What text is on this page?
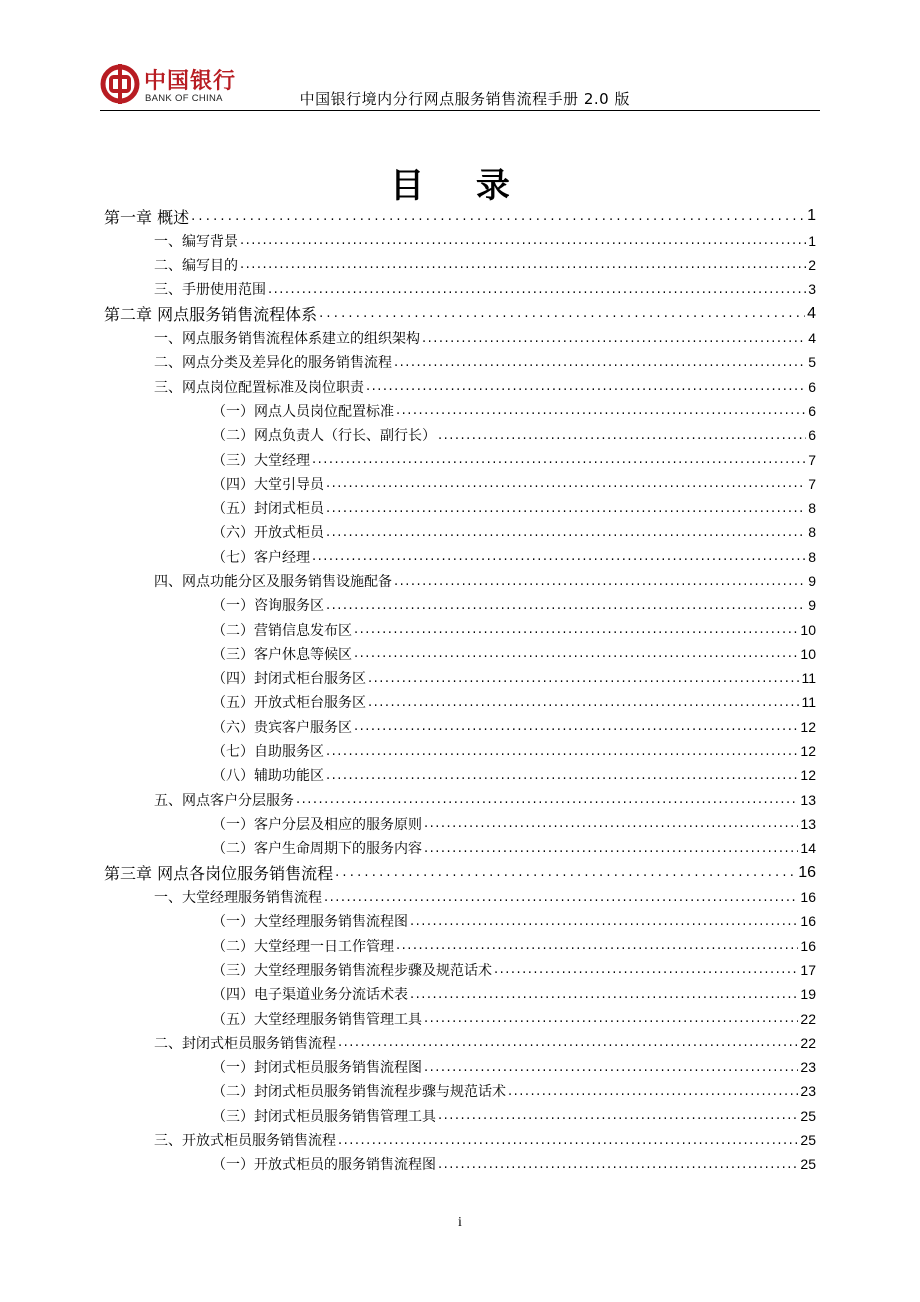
中国银行
BANK OF CHINA	中国银行境内分行网点服务销售流程手册 2.0 版
目 录
第一章 概述 .....	1
一、编写背景 .....	1
二、编写目的 .....	2
三、手册使用范围 .....	3
第二章 网点服务销售流程体系 .....	4
一、网点服务销售流程体系建立的组织架构 .....	4
二、网点分类及差异化的服务销售流程 .....	5
三、网点岗位配置标准及岗位职责 .....	6
（一）网点人员岗位配置标准 .....	6
（二）网点负责人（行长、副行长） .....	6
（三）大堂经理 .....	7
（四）大堂引导员 .....	7
（五）封闭式柜员 .....	8
（六）开放式柜员 .....	8
（七）客户经理 .....	8
四、网点功能分区及服务销售设施配备 .....	9
（一）咨询服务区 .....	9
（二）营销信息发布区 .....	10
（三）客户休息等候区 .....	10
（四）封闭式柜台服务区 .....	11
（五）开放式柜台服务区 .....	11
（六）贵宾客户服务区 .....	12
（七）自助服务区 .....	12
（八）辅助功能区 .....	12
五、网点客户分层服务 .....	13
（一）客户分层及相应的服务原则 .....	13
（二）客户生命周期下的服务内容 .....	14
第三章 网点各岗位服务销售流程 .....	16
一、大堂经理服务销售流程 .....	16
（一）大堂经理服务销售流程图 .....	16
（二）大堂经理一日工作管理 .....	16
（三）大堂经理服务销售流程步骤及规范话术 .....	17
（四）电子渠道业务分流话术表 .....	19
（五）大堂经理服务销售管理工具 .....	22
二、封闭式柜员服务销售流程 .....	22
（一）封闭式柜员服务销售流程图 .....	23
（二）封闭式柜员服务销售流程步骤与规范话术 .....	23
（三）封闭式柜员服务销售管理工具 .....	25
三、开放式柜员服务销售流程 .....	25
（一）开放式柜员的服务销售流程图 .....	25
i
